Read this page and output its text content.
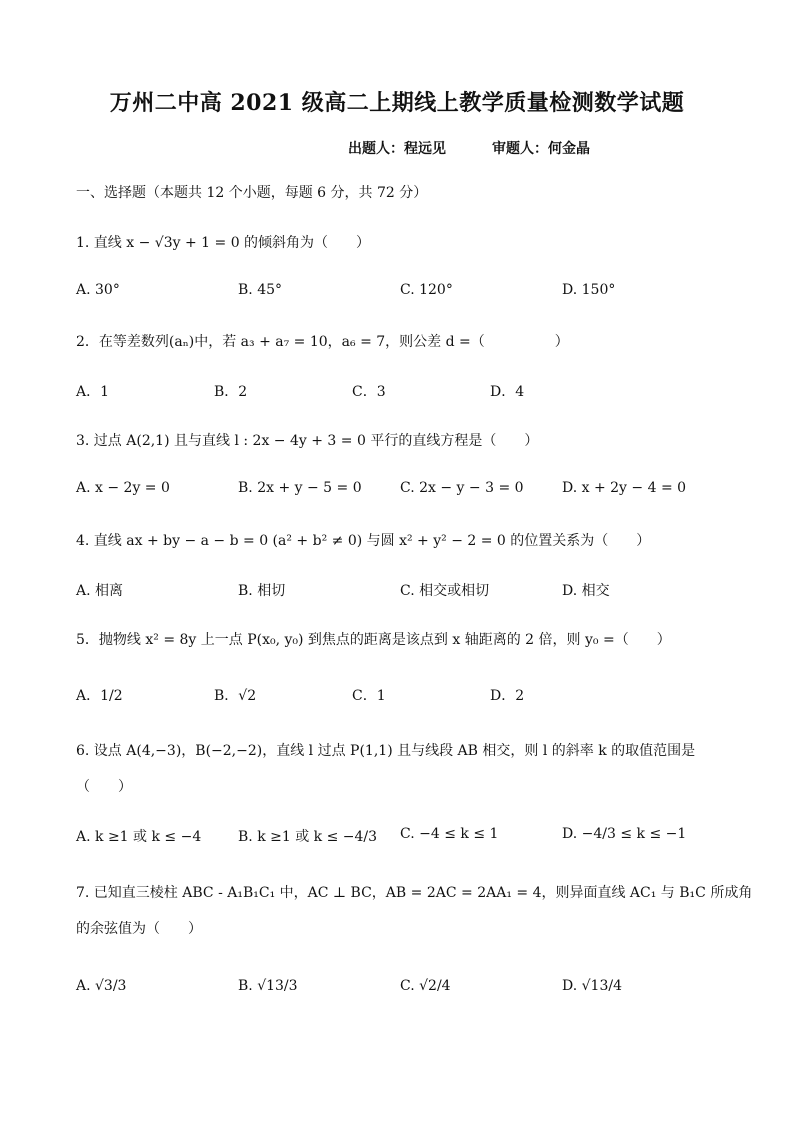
万州二中高 2021 级高二上期线上教学质量检测数学试题
出题人：程远见	审题人：何金晶
一、选择题（本题共 12 个小题，每题 6 分，共 72 分）
1. 直线 x − √3y + 1 = 0 的倾斜角为（　　）
A. 30°	B. 45°	C. 120°	D. 150°
2．在等差数列(aₙ)中，若 a₃ + a₇ = 10，a₆ = 7，则公差 d =（　　　　　）
A．1	B．2	C．3	D．4
3. 过点 A(2,1) 且与直线 l : 2x − 4y + 3 = 0 平行的直线方程是（　　）
A. x − 2y = 0	B. 2x + y − 5 = 0	C. 2x − y − 3 = 0	D. x + 2y − 4 = 0
4. 直线 ax + by − a − b = 0 (a² + b² ≠ 0) 与圆 x² + y² − 2 = 0 的位置关系为（　　）
A. 相离	B. 相切	C. 相交或相切	D. 相交
5．抛物线 x² = 8y 上一点 P(x₀, y₀) 到焦点的距离是该点到 x 轴距离的 2 倍，则 y₀ =（　　）
A．1/2	B．√2	C．1	D．2
6. 设点 A(4,−3)，B(−2,−2)，直线 l 过点 P(1,1) 且与线段 AB 相交，则 l 的斜率 k 的取值范围是
（　　）
A. k ≥1 或 k ≤ −4	B. k ≥1 或 k ≤ −4/3 C. −4 ≤ k ≤ 1	D. −4/3 ≤ k ≤ −1
7. 已知直三棱柱 ABC - A₁B₁C₁ 中，AC ⊥ BC，AB = 2AC = 2AA₁ = 4，则异面直线 AC₁ 与 B₁C 所成角
的余弦值为（　　）
A. √3/3	B. √13/3	C. √2/4	D. √13/4
